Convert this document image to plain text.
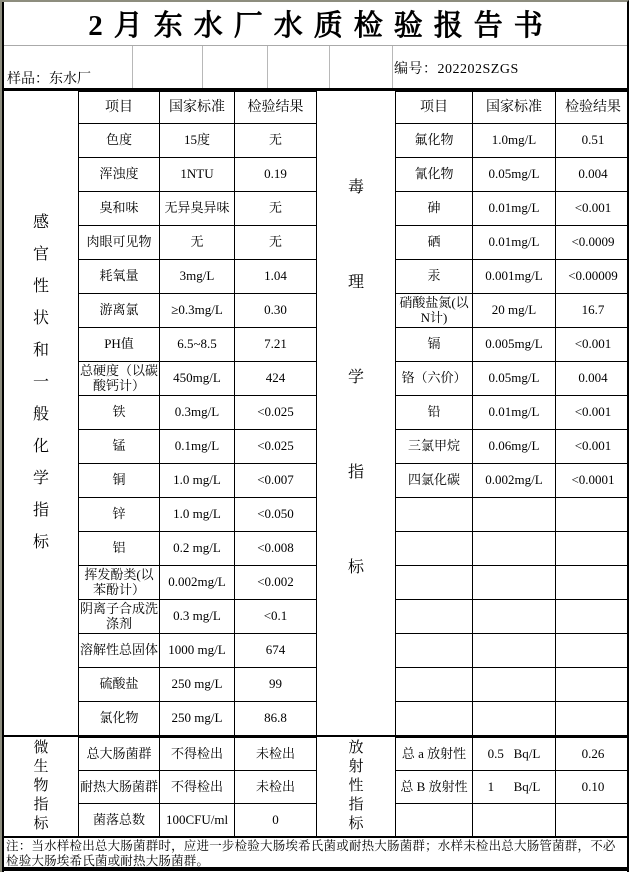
2月东水厂水质检验报告书
样品：东水厂
编号：202202SZGS
感
官
性
状
和
一
般
化
学
指
标
项目	国家标准	检验结果
色度	15度	无
浑浊度	1NTU	0.19
臭和味	无异臭异味	无
肉眼可见物	无	无
耗氧量	3mg/L	1.04
游离氯	≥0.3mg/L	0.30
PH值	6.5~8.5	7.21
总硬度（以碳酸钙计）	450mg/L	424
铁	0.3mg/L	<0.025
锰	0.1mg/L	<0.025
铜	1.0 mg/L	<0.007
锌	1.0 mg/L	<0.050
铝	0.2 mg/L	<0.008
挥发酚类(以苯酚计）	0.002mg/L	<0.002
阴离子合成洗涤剂	0.3 mg/L	<0.1
溶解性总固体	1000 mg/L	674
硫酸盐	250 mg/L	99
氯化物	250 mg/L	86.8
毒
理
学
指
标
项目	国家标准	检验结果
氟化物	1.0mg/L	0.51
氰化物	0.05mg/L	0.004
砷	0.01mg/L	<0.001
硒	0.01mg/L	<0.0009
汞	0.001mg/L	<0.00009
硝酸盐氮(以N计)	20 mg/L	16.7
镉	0.005mg/L	<0.001
铬（六价）	0.05mg/L	0.004
铅	0.01mg/L	<0.001
三氯甲烷	0.06mg/L	<0.001
四氯化碳	0.002mg/L	<0.0001

微
生
物
指
标
总大肠菌群	不得检出	未检出
耐热大肠菌群	不得检出	未检出
菌落总数	100CFU/ml	0
放
射
性
指
标
总 a 放射性	0.5   Bq/L	0.26
总 B 放射性	1      Bq/L	0.10

注：当水样检出总大肠菌群时，应进一步检验大肠埃希氏菌或耐热大肠菌群；水样未检出总大肠管菌群，不必检验大肠埃希氏菌或耐热大肠菌群。
